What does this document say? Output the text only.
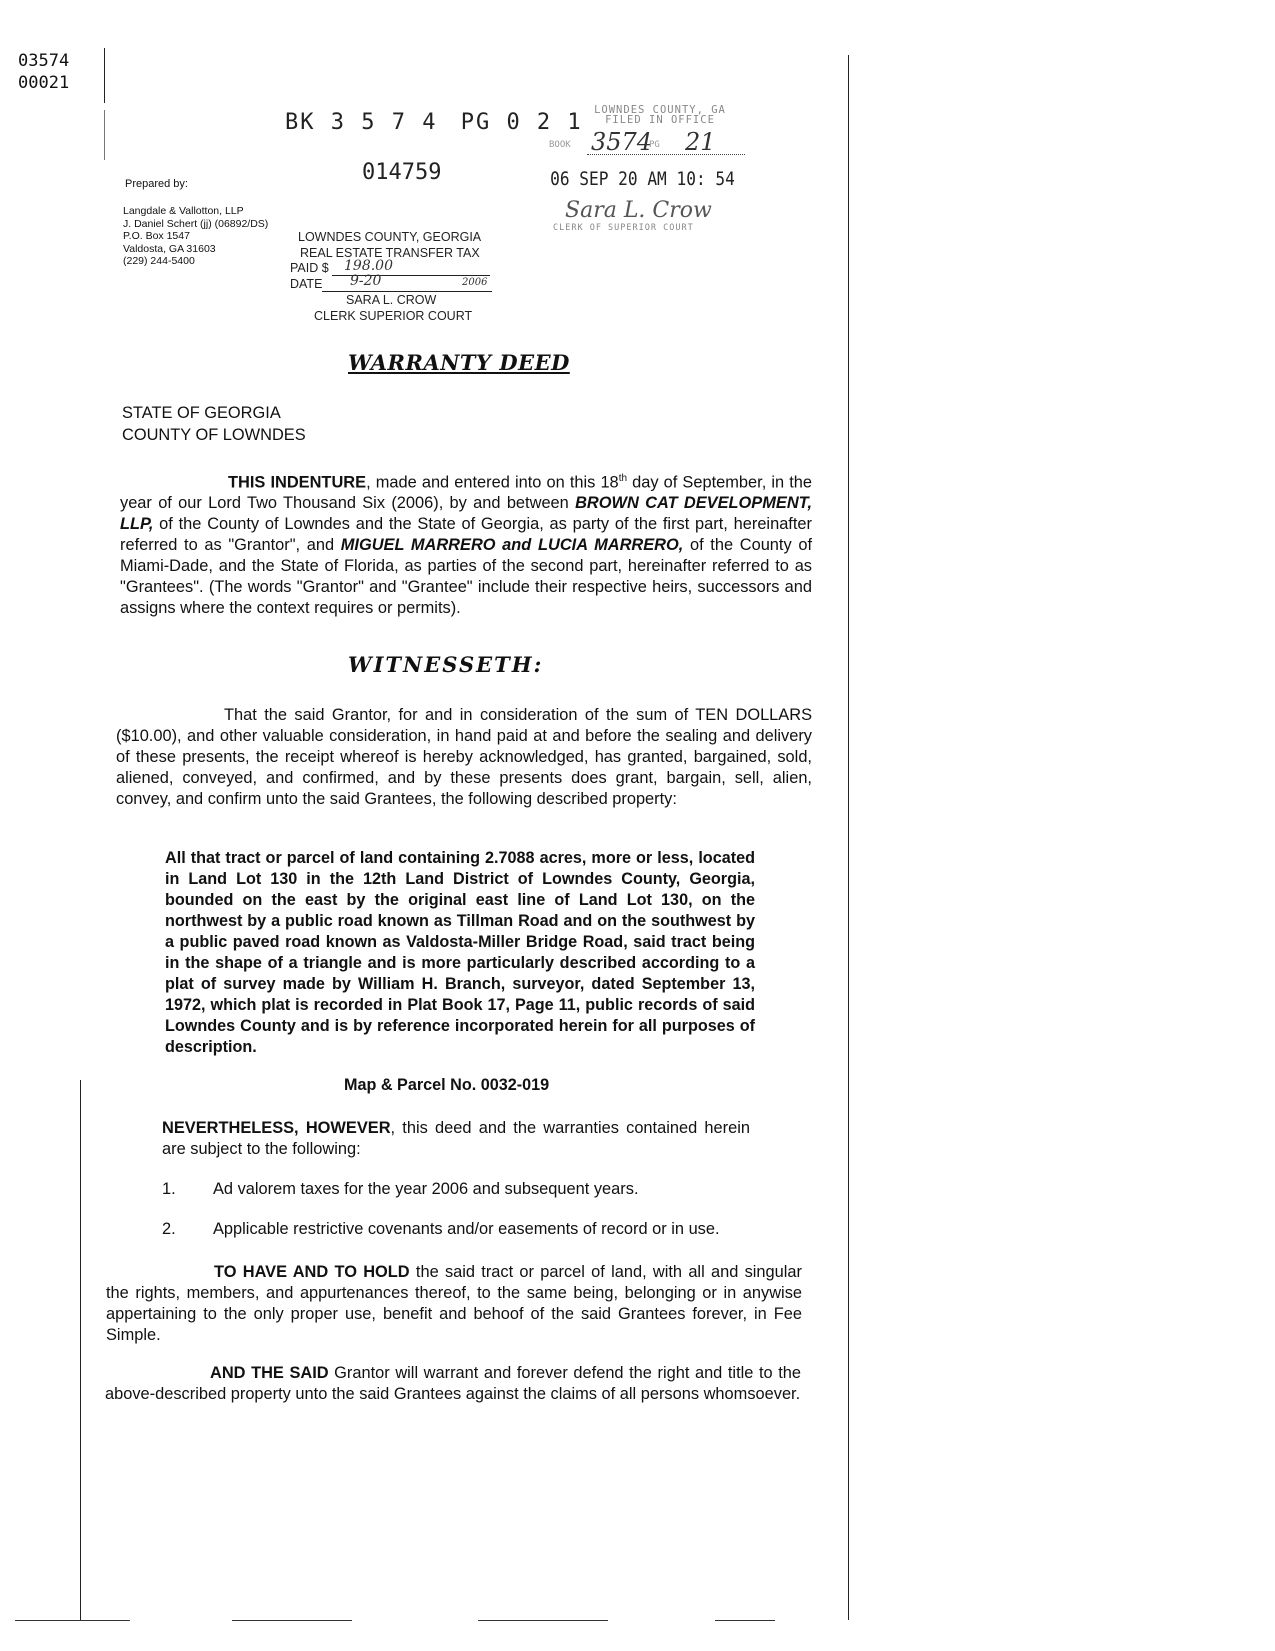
03574
00021
BK 3 5 7 4 PG 0 2 1
014759
Prepared by:
Langdale & Vallotton, LLP
J. Daniel Schert (jj) (06892/DS)
P.O. Box 1547
Valdosta, GA 31603
(229) 244-5400
LOWNDES COUNTY, GEORGIA
REAL ESTATE TRANSFER TAX
PAID $ 198.00
DATE 9-20	2006
SARA L. CROW
CLERK SUPERIOR COURT
LOWNDES COUNTY, GA
FILED IN OFFICE
BOOK 3574
PG 21
06 SEP 20 AM 10: 54
Sara L. Crow
CLERK OF SUPERIOR COURT
WARRANTY DEED
STATE OF GEORGIA
COUNTY OF LOWNDES
THIS INDENTURE, made and entered into on this 18th day of September, in the year of our Lord Two Thousand Six (2006), by and between BROWN CAT DEVELOPMENT, LLP, of the County of Lowndes and the State of Georgia, as party of the first part, hereinafter referred to as "Grantor", and MIGUEL MARRERO and LUCIA MARRERO, of the County of Miami-Dade, and the State of Florida, as parties of the second part, hereinafter referred to as "Grantees". (The words "Grantor" and "Grantee" include their respective heirs, successors and assigns where the context requires or permits).
WITNESSETH:
That the said Grantor, for and in consideration of the sum of TEN DOLLARS ($10.00), and other valuable consideration, in hand paid at and before the sealing and delivery of these presents, the receipt whereof is hereby acknowledged, has granted, bargained, sold, aliened, conveyed, and confirmed, and by these presents does grant, bargain, sell, alien, convey, and confirm unto the said Grantees, the following described property:
All that tract or parcel of land containing 2.7088 acres, more or less, located in Land Lot 130 in the 12th Land District of Lowndes County, Georgia, bounded on the east by the original east line of Land Lot 130, on the northwest by a public road known as Tillman Road and on the southwest by a public paved road known as Valdosta-Miller Bridge Road, said tract being in the shape of a triangle and is more particularly described according to a plat of survey made by William H. Branch, surveyor, dated September 13, 1972, which plat is recorded in Plat Book 17, Page 11, public records of said Lowndes County and is by reference incorporated herein for all purposes of description.
Map & Parcel No. 0032-019
NEVERTHELESS, HOWEVER, this deed and the warranties contained herein are subject to the following:
1. Ad valorem taxes for the year 2006 and subsequent years.
2. Applicable restrictive covenants and/or easements of record or in use.
TO HAVE AND TO HOLD the said tract or parcel of land, with all and singular the rights, members, and appurtenances thereof, to the same being, belonging or in anywise appertaining to the only proper use, benefit and behoof of the said Grantees forever, in Fee Simple.
AND THE SAID Grantor will warrant and forever defend the right and title to the above-described property unto the said Grantees against the claims of all persons whomsoever.
